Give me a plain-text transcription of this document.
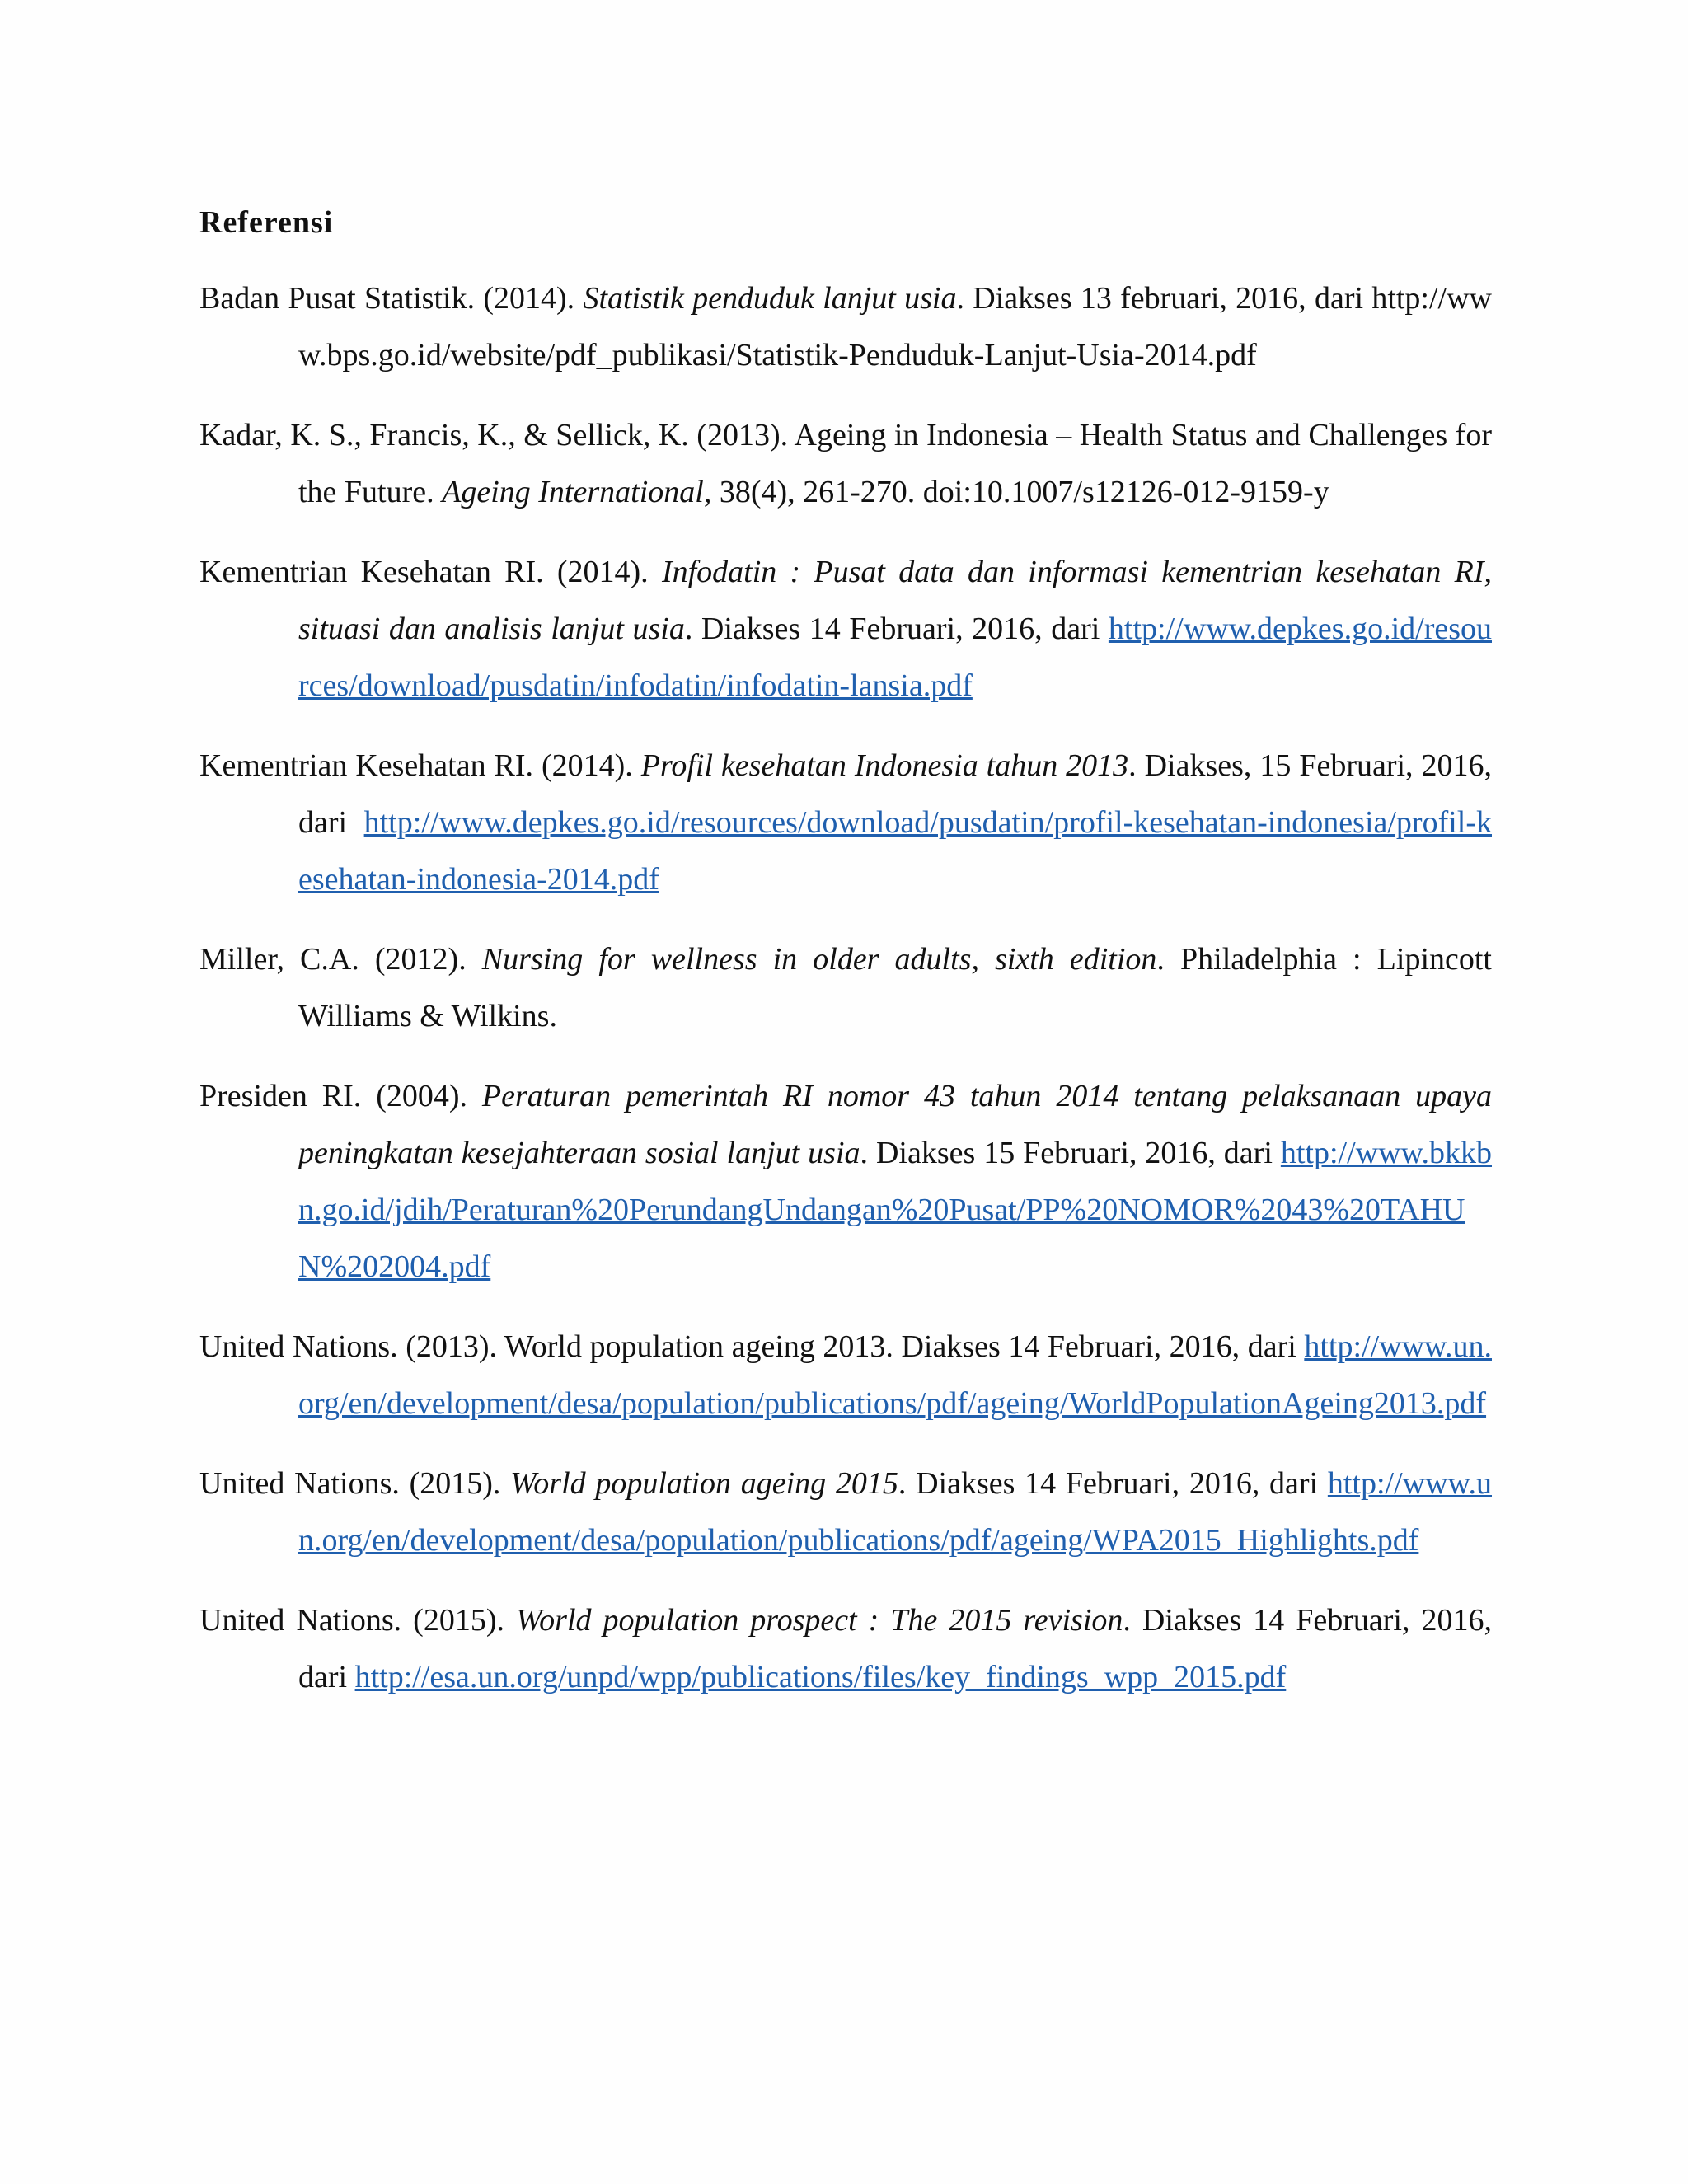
Referensi

Badan Pusat Statistik. (2014). Statistik penduduk lanjut usia. Diakses 13 februari, 2016, dari http://www.bps.go.id/website/pdf_publikasi/Statistik-Penduduk-Lanjut-Usia-2014.pdf

Kadar, K. S., Francis, K., & Sellick, K. (2013). Ageing in Indonesia – Health Status and Challenges for the Future. Ageing International, 38(4), 261-270. doi:10.1007/s12126-012-9159-y

Kementrian Kesehatan RI. (2014). Infodatin : Pusat data dan informasi kementrian kesehatan RI, situasi dan analisis lanjut usia. Diakses 14 Februari, 2016, dari http://www.depkes.go.id/resources/download/pusdatin/infodatin/infodatin-lansia.pdf

Kementrian Kesehatan RI. (2014). Profil kesehatan Indonesia tahun 2013. Diakses, 15 Februari, 2016, dari http://www.depkes.go.id/resources/download/pusdatin/profil-kesehatan-indonesia/profil-kesehatan-indonesia-2014.pdf

Miller, C.A. (2012). Nursing for wellness in older adults, sixth edition. Philadelphia : Lipincott Williams & Wilkins.

Presiden RI. (2004). Peraturan pemerintah RI nomor 43 tahun 2014 tentang pelaksanaan upaya peningkatan kesejahteraan sosial lanjut usia. Diakses 15 Februari, 2016, dari http://www.bkkbn.go.id/jdih/Peraturan%20PerundangUndangan%20Pusat/PP%20NOMOR%2043%20TAHUN%202004.pdf

United Nations. (2013). World population ageing 2013. Diakses 14 Februari, 2016, dari http://www.un.org/en/development/desa/population/publications/pdf/ageing/WorldPopulationAgeing2013.pdf

United Nations. (2015). World population ageing 2015. Diakses 14 Februari, 2016, dari http://www.un.org/en/development/desa/population/publications/pdf/ageing/WPA2015_Highlights.pdf

United Nations. (2015). World population prospect : The 2015 revision. Diakses 14 Februari, 2016, dari http://esa.un.org/unpd/wpp/publications/files/key_findings_wpp_2015.pdf
